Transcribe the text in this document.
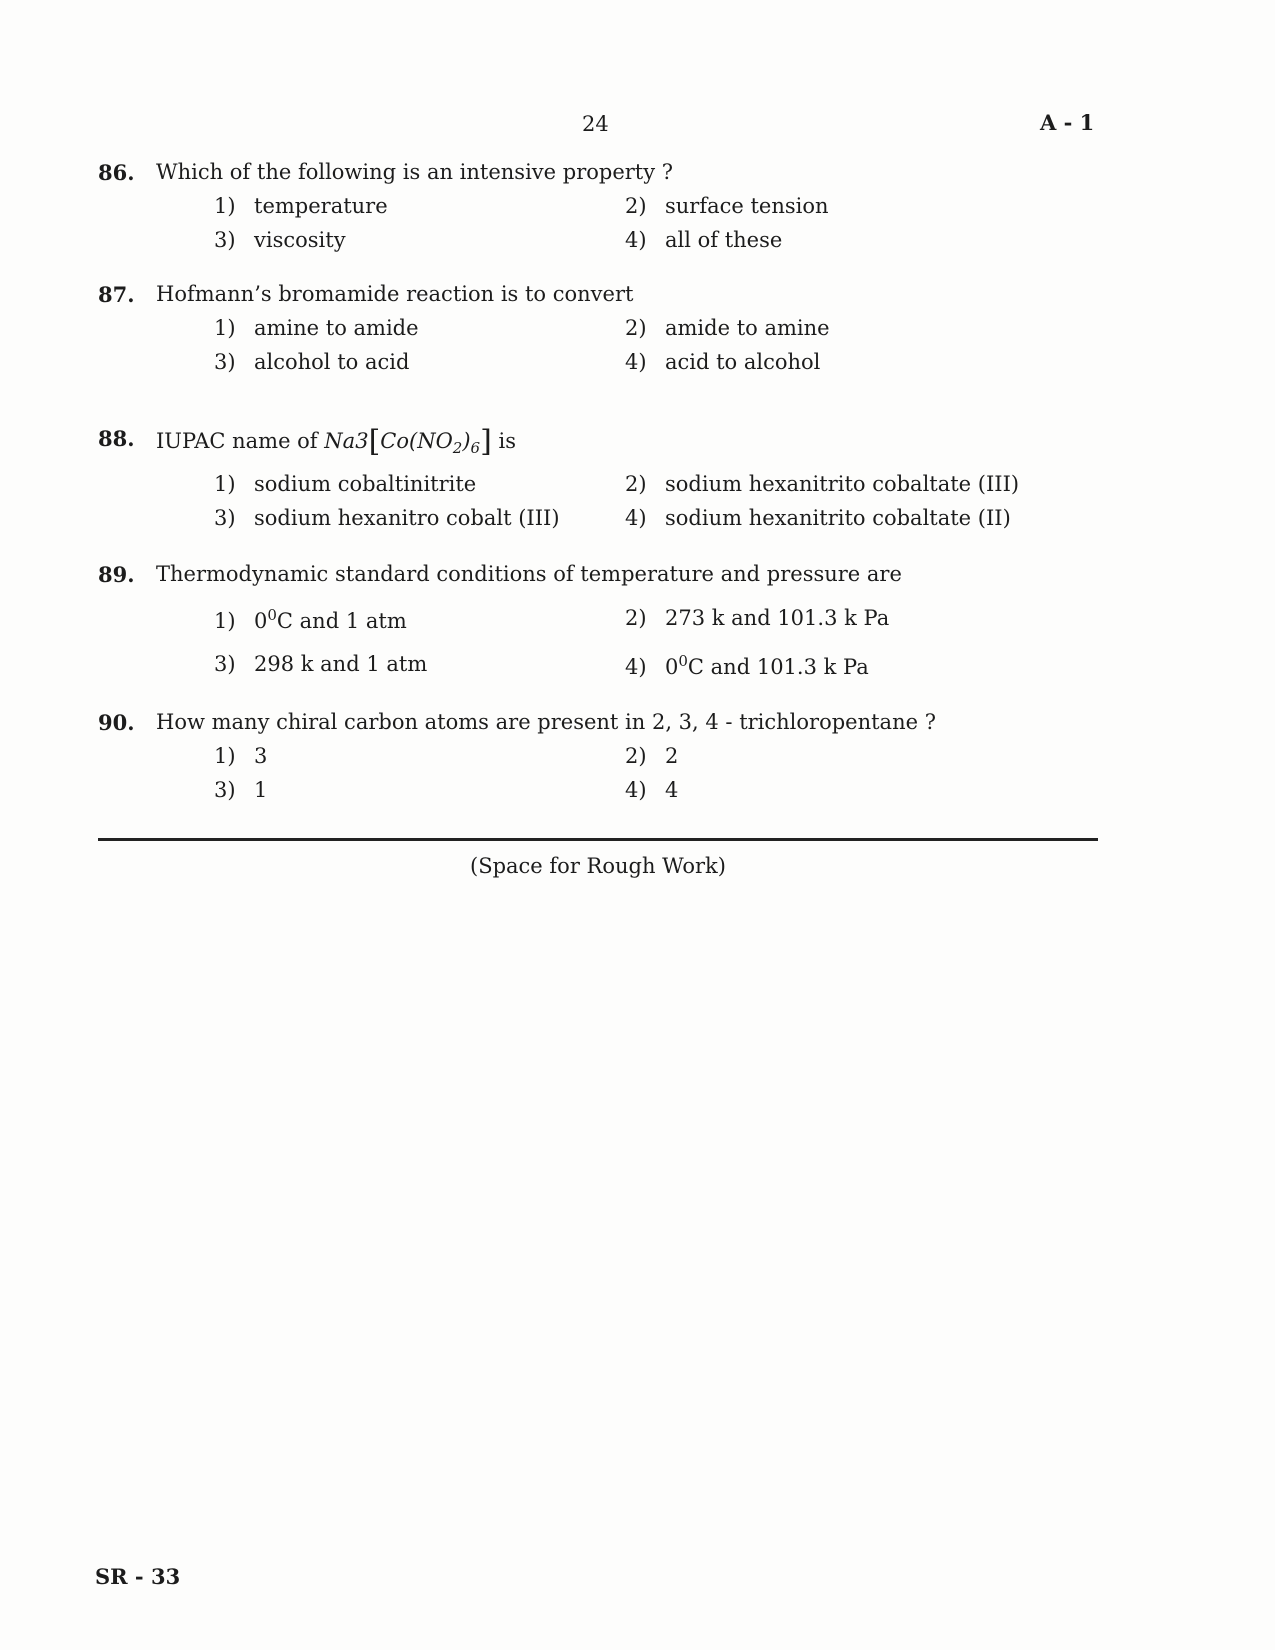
24	A - 1
86. Which of the following is an intensive property ?
1) temperature	2) surface tension
3) viscosity	4) all of these
87. Hofmann’s bromamide reaction is to convert
1) amine to amide	2) amide to amine
3) alcohol to acid	4) acid to alcohol
88. IUPAC name of $Na3[Co(NO_2)_6]$ is
1) sodium cobaltinitrite	2) sodium hexanitrito cobaltate (III)
3) sodium hexanitro cobalt (III)	4) sodium hexanitrito cobaltate (II)
89. Thermodynamic standard conditions of temperature and pressure are
1) $0^0C$ and 1 atm	2) 273 k and 101.3 k Pa
3) 298 k and 1 atm	4) $0^0C$ and 101.3 k Pa
90. How many chiral carbon atoms are present in 2, 3, 4 - trichloropentane ?
1) 3	2) 2
3) 1	4) 4
(Space for Rough Work)
SR - 33
